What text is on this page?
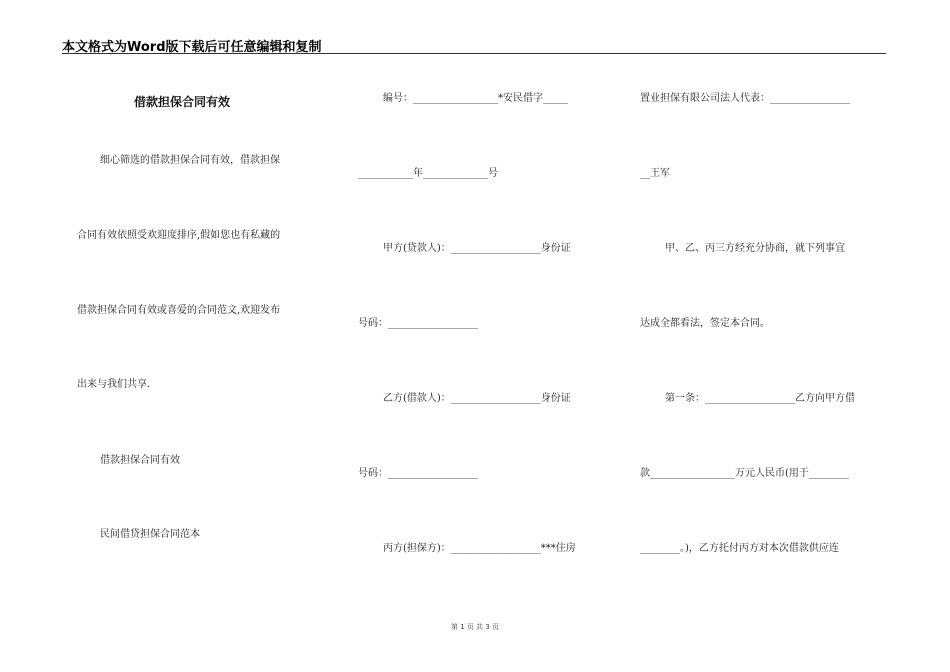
本文格式为Word版下载后可任意编辑和复制
借款担保合同有效
细心筛选的借款担保合同有效，借款担保
合同有效依照受欢迎度排序,假如您也有私藏的
借款担保合同有效或喜爱的合同范文,欢迎发布
出来与我们共享.
借款担保合同有效
民间借贷担保合同范本
编号：_________________*安民借字_____
___________年_____________号
甲方(贷款人)：__________________身份证
号码：__________________
乙方(借款人)：__________________身份证
号码：__________________
丙方(担保方)：__________________***住房
置业担保有限公司法人代表：________________
__王军
甲、乙、丙三方经充分协商，就下列事宜
达成全都看法，签定本合同。
第一条：__________________乙方向甲方借
款_________________万元人民币(用于________
________。)，乙方托付丙方对本次借款供应连
第 1 页 共 3 页
